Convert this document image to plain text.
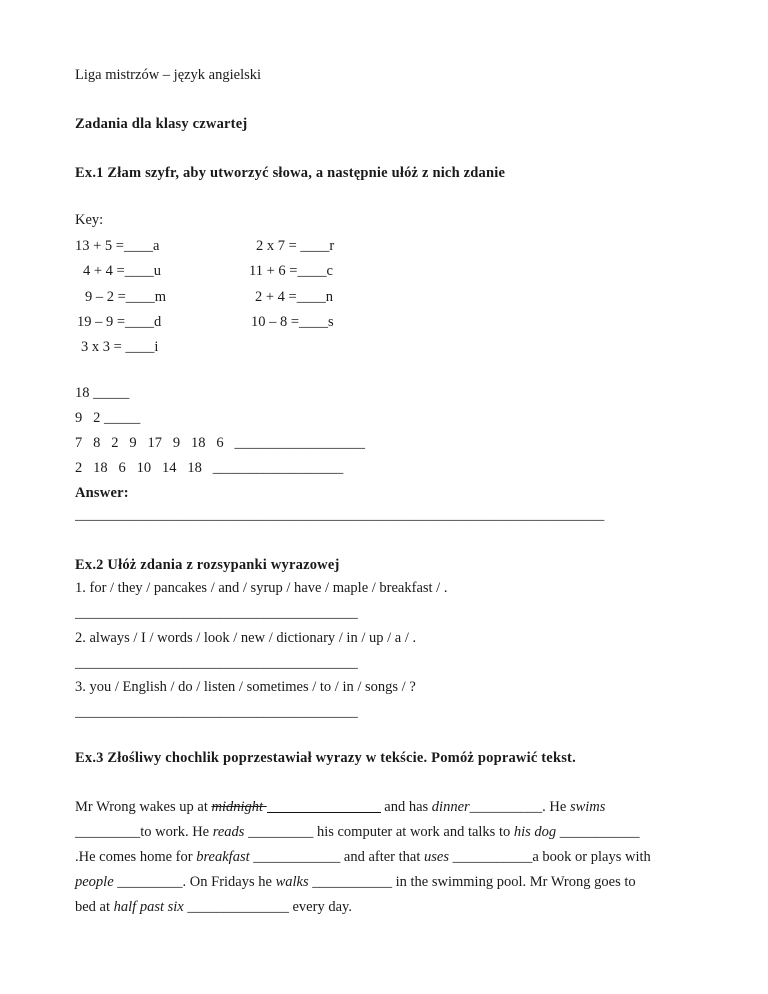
Liga mistrzów – język angielski
Zadania dla klasy czwartej
Ex.1 Złam szyfr, aby utworzyć słowa, a następnie ułóż z nich zdanie
Key:
13 + 5 =____a
4 + 4 =____u
9 – 2 =____m
19 – 9 =____d
3 x 3 = ____i
2 x 7 = ____r
11 + 6 =____c
2 + 4 =____n
10 – 8 =____s
18 _____
9   2 _____
7   8   2   9   17   9   18   6   __________________
2   18   6   10   14   18   __________________
Answer:
_________________________________________________________________________
Ex.2 Ułóż zdania z rozsypanki wyrazowej
1. for / they / pancakes / and / syrup / have / maple / breakfast / .
_______________________________________
2. always / I / words / look / new / dictionary / in / up / a / .
_______________________________________
3. you / English / do / listen / sometimes / to / in / songs / ?
_______________________________________
Ex.3 Złośliwy chochlik poprzestawiał wyrazy w tekście. Pomóż poprawić tekst.
Mr Wrong wakes up at midnight	and has dinner__________. He swims
_________to work. He reads _________ his computer at work and talks to his dog ___________
.He comes home for breakfast ____________ and after that uses ___________a book or plays with
people _________. On Fridays he walks ___________ in the swimming pool. Mr Wrong goes to
bed at half past six ______________ every day.
